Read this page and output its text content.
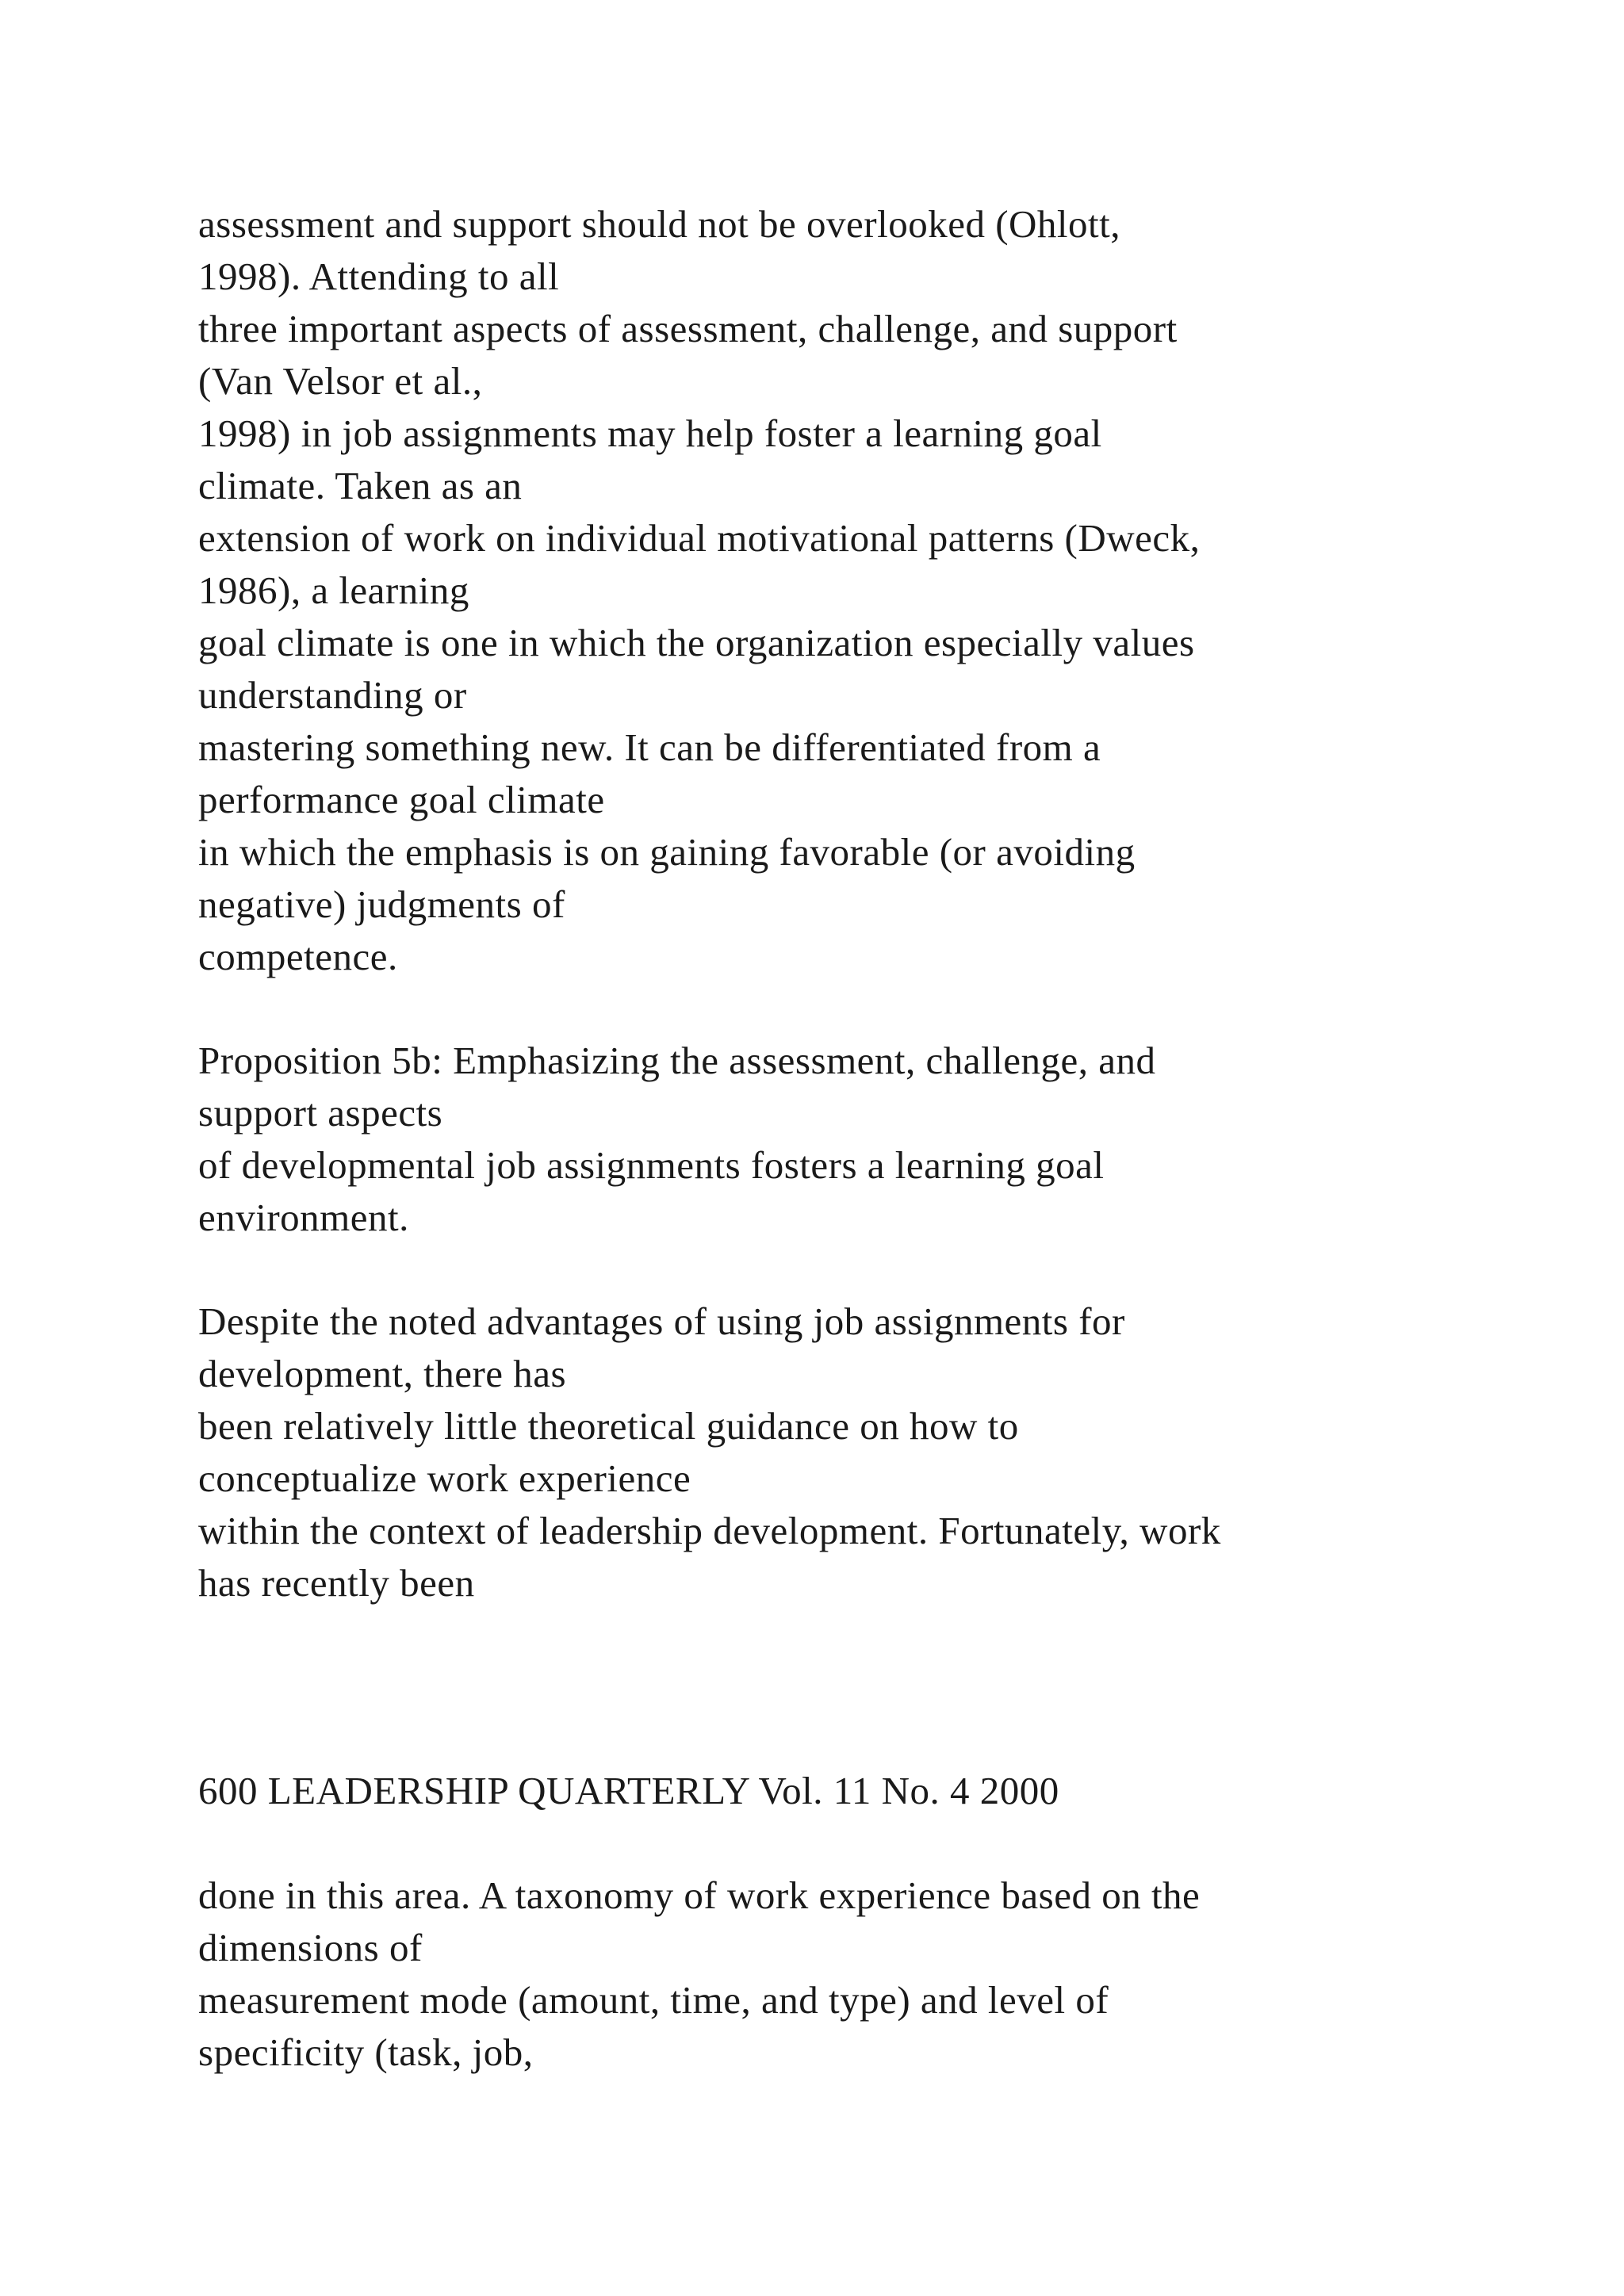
assessment and support should not be overlooked (Ohlott,
1998). Attending to all
three important aspects of assessment, challenge, and support
(Van Velsor et al.,
1998) in job assignments may help foster a learning goal
climate. Taken as an
extension of work on individual motivational patterns (Dweck,
1986), a learning
goal climate is one in which the organization especially values
understanding or
mastering something new. It can be differentiated from a
performance goal climate
in which the emphasis is on gaining favorable (or avoiding
negative) judgments of
competence.
Proposition 5b: Emphasizing the assessment, challenge, and
support aspects
of developmental job assignments fosters a learning goal
environment.
Despite the noted advantages of using job assignments for
development, there has
been relatively little theoretical guidance on how to
conceptualize work experience
within the context of leadership development. Fortunately, work
has recently been
600 LEADERSHIP QUARTERLY Vol. 11 No. 4 2000
done in this area. A taxonomy of work experience based on the
dimensions of
measurement mode (amount, time, and type) and level of
specificity (task, job,
